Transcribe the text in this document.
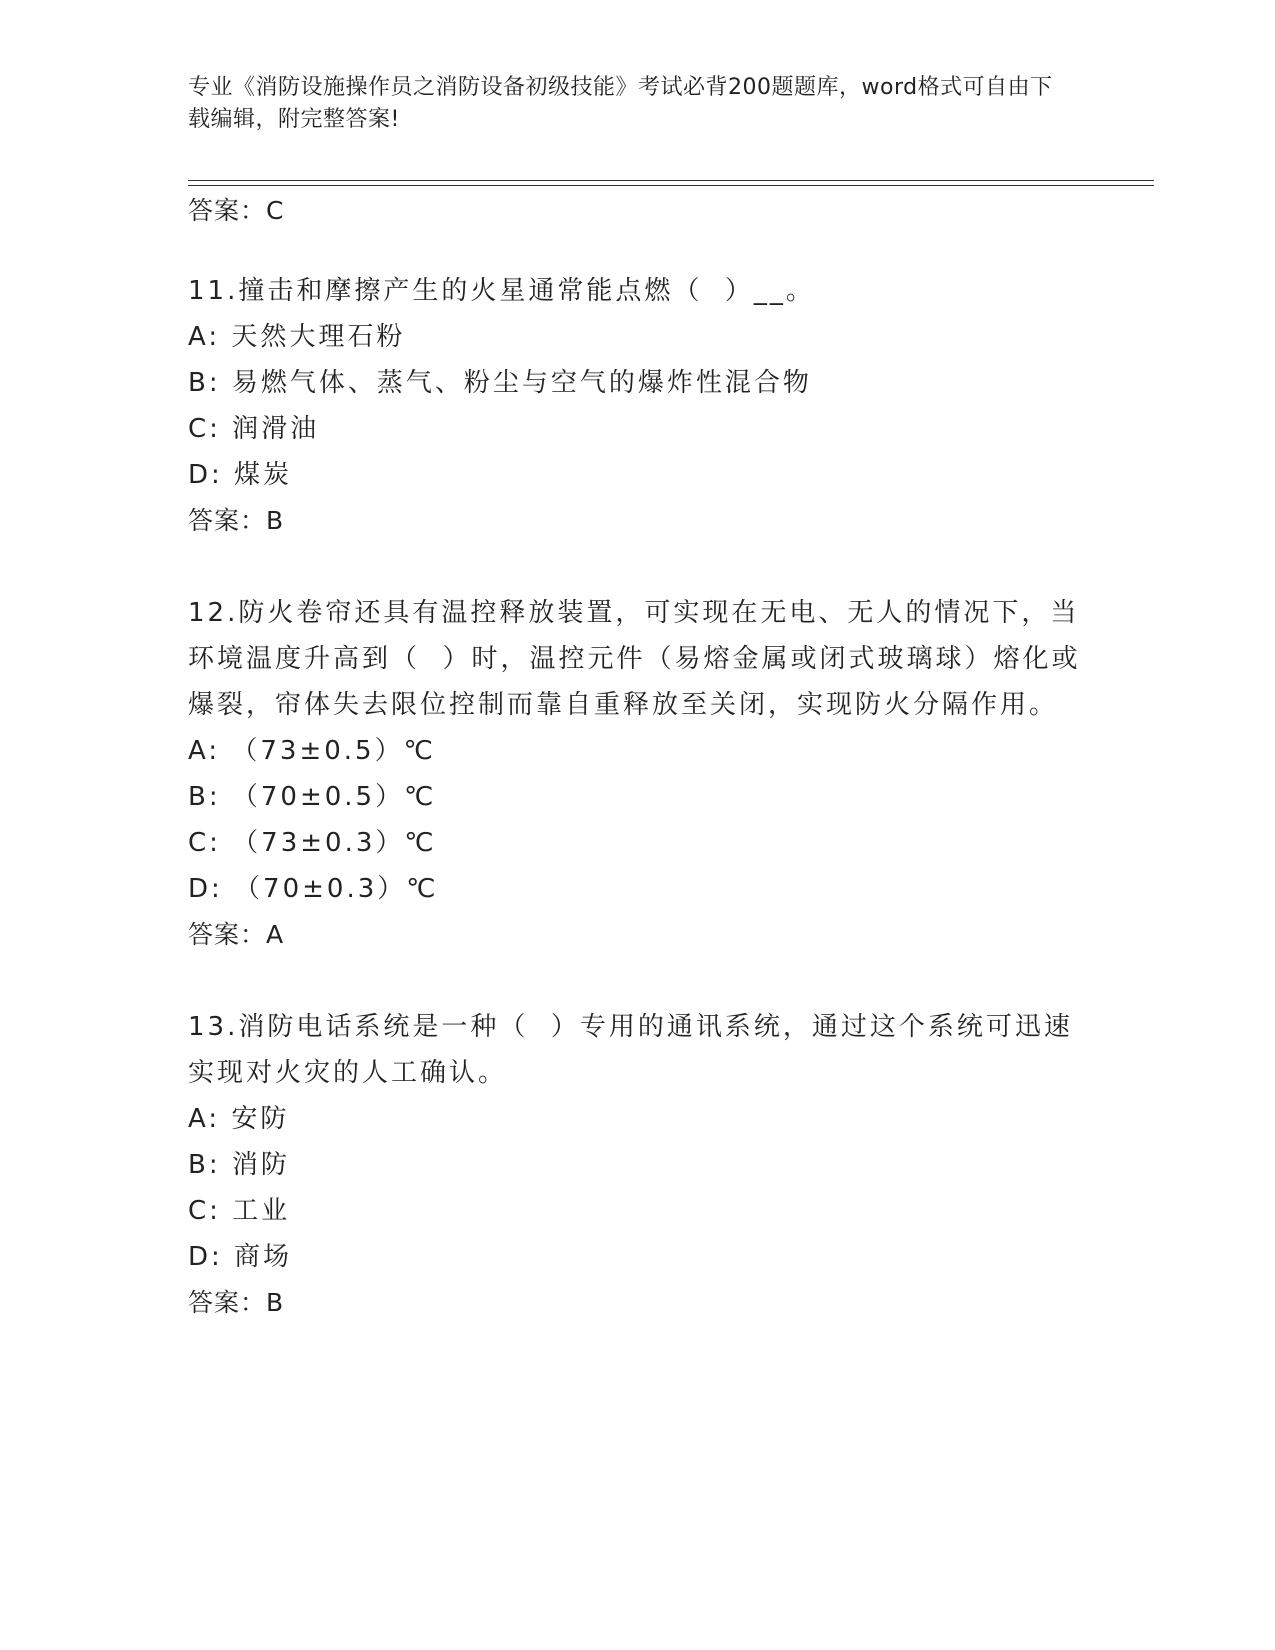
专业《消防设施操作员之消防设备初级技能》考试必背200题题库，word格式可自由下载编辑，附完整答案!
答案：C
11.撞击和摩擦产生的火星通常能点燃（  ）__。
A: 天然大理石粉
B: 易燃气体、蒸气、粉尘与空气的爆炸性混合物
C: 润滑油
D: 煤炭
答案：B
12.防火卷帘还具有温控释放装置，可实现在无电、无人的情况下，当环境温度升高到（  ）时，温控元件（易熔金属或闭式玻璃球）熔化或爆裂，帘体失去限位控制而靠自重释放至关闭，实现防火分隔作用。
A: （73±0.5）℃
B: （70±0.5）℃
C: （73±0.3）℃
D: （70±0.3）℃
答案：A
13.消防电话系统是一种（  ）专用的通讯系统，通过这个系统可迅速实现对火灾的人工确认。
A: 安防
B: 消防
C: 工业
D: 商场
答案：B
